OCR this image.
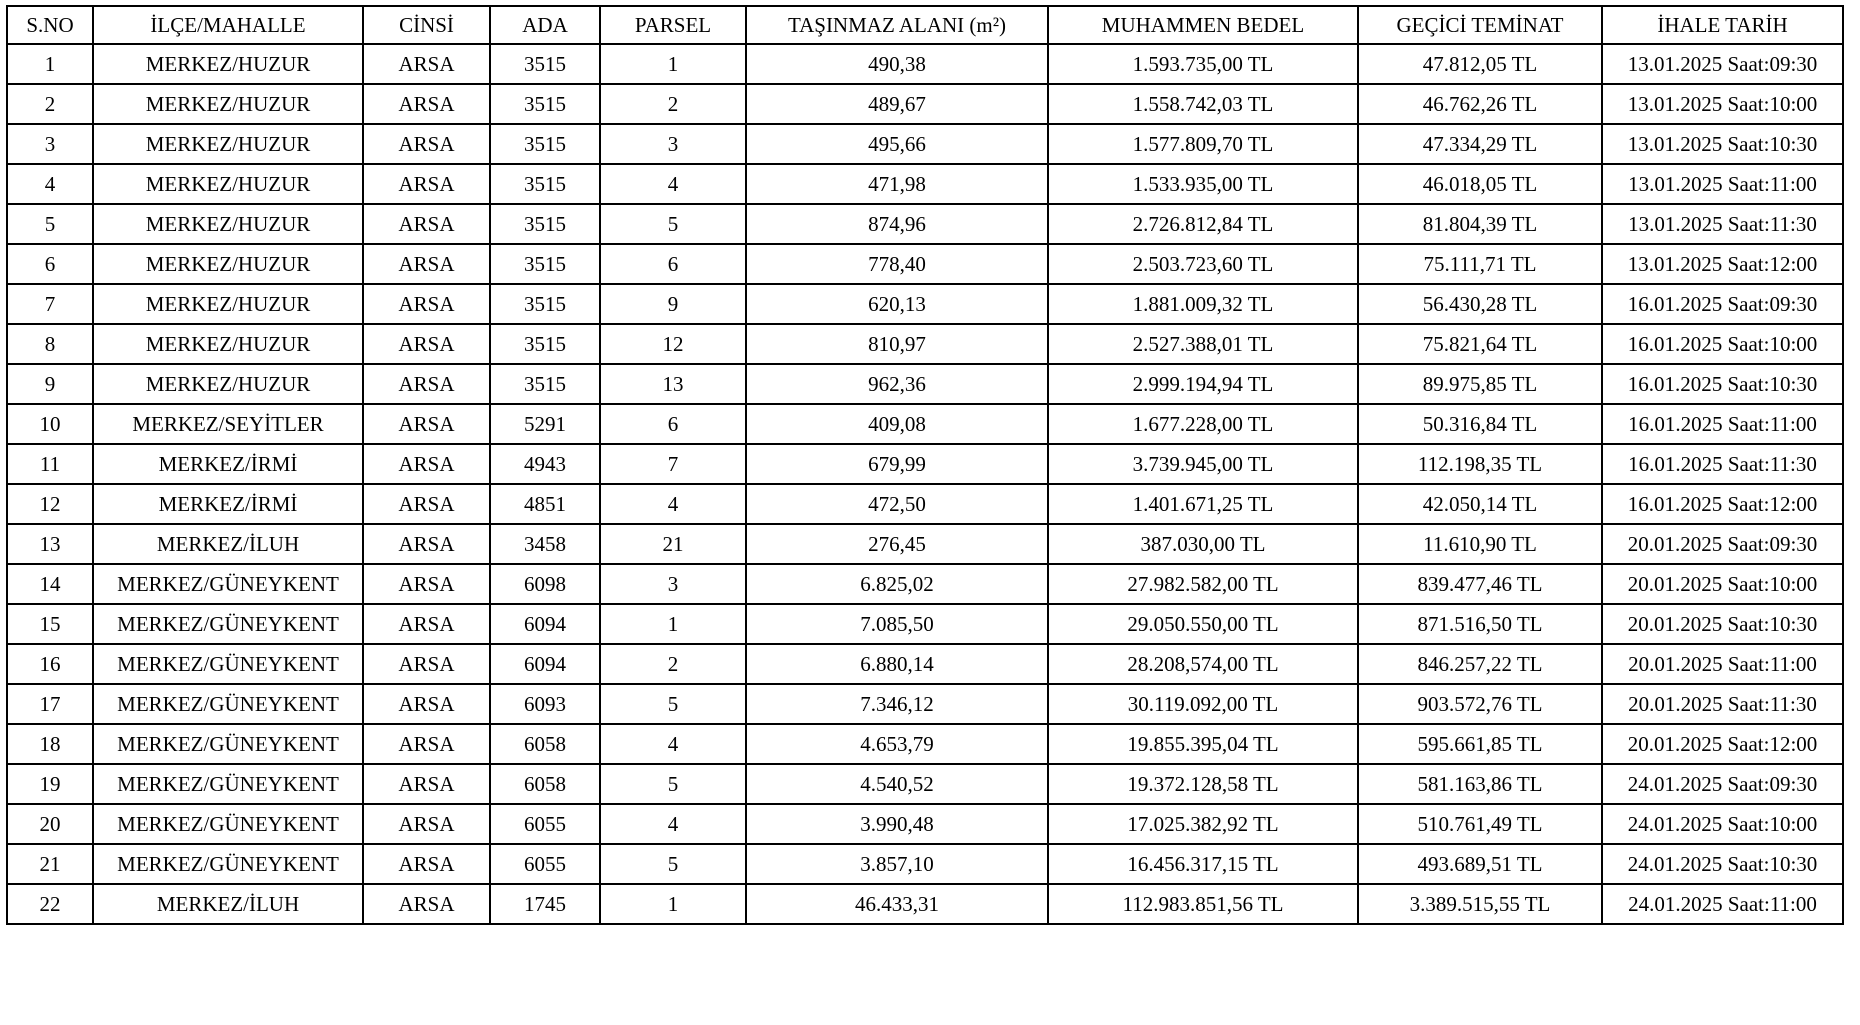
S.NO	İLÇE/MAHALLE	CİNSİ	ADA	PARSEL	TAŞINMAZ ALANI (m²)	MUHAMMEN BEDEL	GEÇİCİ TEMİNAT	İHALE TARİH
1	MERKEZ/HUZUR	ARSA	3515	1	490,38	1.593.735,00 TL	47.812,05 TL	13.01.2025 Saat:09:30
2	MERKEZ/HUZUR	ARSA	3515	2	489,67	1.558.742,03 TL	46.762,26 TL	13.01.2025 Saat:10:00
3	MERKEZ/HUZUR	ARSA	3515	3	495,66	1.577.809,70 TL	47.334,29 TL	13.01.2025 Saat:10:30
4	MERKEZ/HUZUR	ARSA	3515	4	471,98	1.533.935,00 TL	46.018,05 TL	13.01.2025 Saat:11:00
5	MERKEZ/HUZUR	ARSA	3515	5	874,96	2.726.812,84 TL	81.804,39 TL	13.01.2025 Saat:11:30
6	MERKEZ/HUZUR	ARSA	3515	6	778,40	2.503.723,60 TL	75.111,71 TL	13.01.2025 Saat:12:00
7	MERKEZ/HUZUR	ARSA	3515	9	620,13	1.881.009,32 TL	56.430,28 TL	16.01.2025 Saat:09:30
8	MERKEZ/HUZUR	ARSA	3515	12	810,97	2.527.388,01 TL	75.821,64 TL	16.01.2025 Saat:10:00
9	MERKEZ/HUZUR	ARSA	3515	13	962,36	2.999.194,94 TL	89.975,85 TL	16.01.2025 Saat:10:30
10	MERKEZ/SEYİTLER	ARSA	5291	6	409,08	1.677.228,00 TL	50.316,84 TL	16.01.2025 Saat:11:00
11	MERKEZ/İRMİ	ARSA	4943	7	679,99	3.739.945,00 TL	112.198,35 TL	16.01.2025 Saat:11:30
12	MERKEZ/İRMİ	ARSA	4851	4	472,50	1.401.671,25 TL	42.050,14 TL	16.01.2025 Saat:12:00
13	MERKEZ/İLUH	ARSA	3458	21	276,45	387.030,00 TL	11.610,90 TL	20.01.2025 Saat:09:30
14	MERKEZ/GÜNEYKENT	ARSA	6098	3	6.825,02	27.982.582,00 TL	839.477,46 TL	20.01.2025 Saat:10:00
15	MERKEZ/GÜNEYKENT	ARSA	6094	1	7.085,50	29.050.550,00 TL	871.516,50 TL	20.01.2025 Saat:10:30
16	MERKEZ/GÜNEYKENT	ARSA	6094	2	6.880,14	28.208,574,00 TL	846.257,22 TL	20.01.2025 Saat:11:00
17	MERKEZ/GÜNEYKENT	ARSA	6093	5	7.346,12	30.119.092,00 TL	903.572,76 TL	20.01.2025 Saat:11:30
18	MERKEZ/GÜNEYKENT	ARSA	6058	4	4.653,79	19.855.395,04 TL	595.661,85 TL	20.01.2025 Saat:12:00
19	MERKEZ/GÜNEYKENT	ARSA	6058	5	4.540,52	19.372.128,58 TL	581.163,86 TL	24.01.2025 Saat:09:30
20	MERKEZ/GÜNEYKENT	ARSA	6055	4	3.990,48	17.025.382,92 TL	510.761,49 TL	24.01.2025 Saat:10:00
21	MERKEZ/GÜNEYKENT	ARSA	6055	5	3.857,10	16.456.317,15 TL	493.689,51 TL	24.01.2025 Saat:10:30
22	MERKEZ/İLUH	ARSA	1745	1	46.433,31	112.983.851,56 TL	3.389.515,55 TL	24.01.2025 Saat:11:00
